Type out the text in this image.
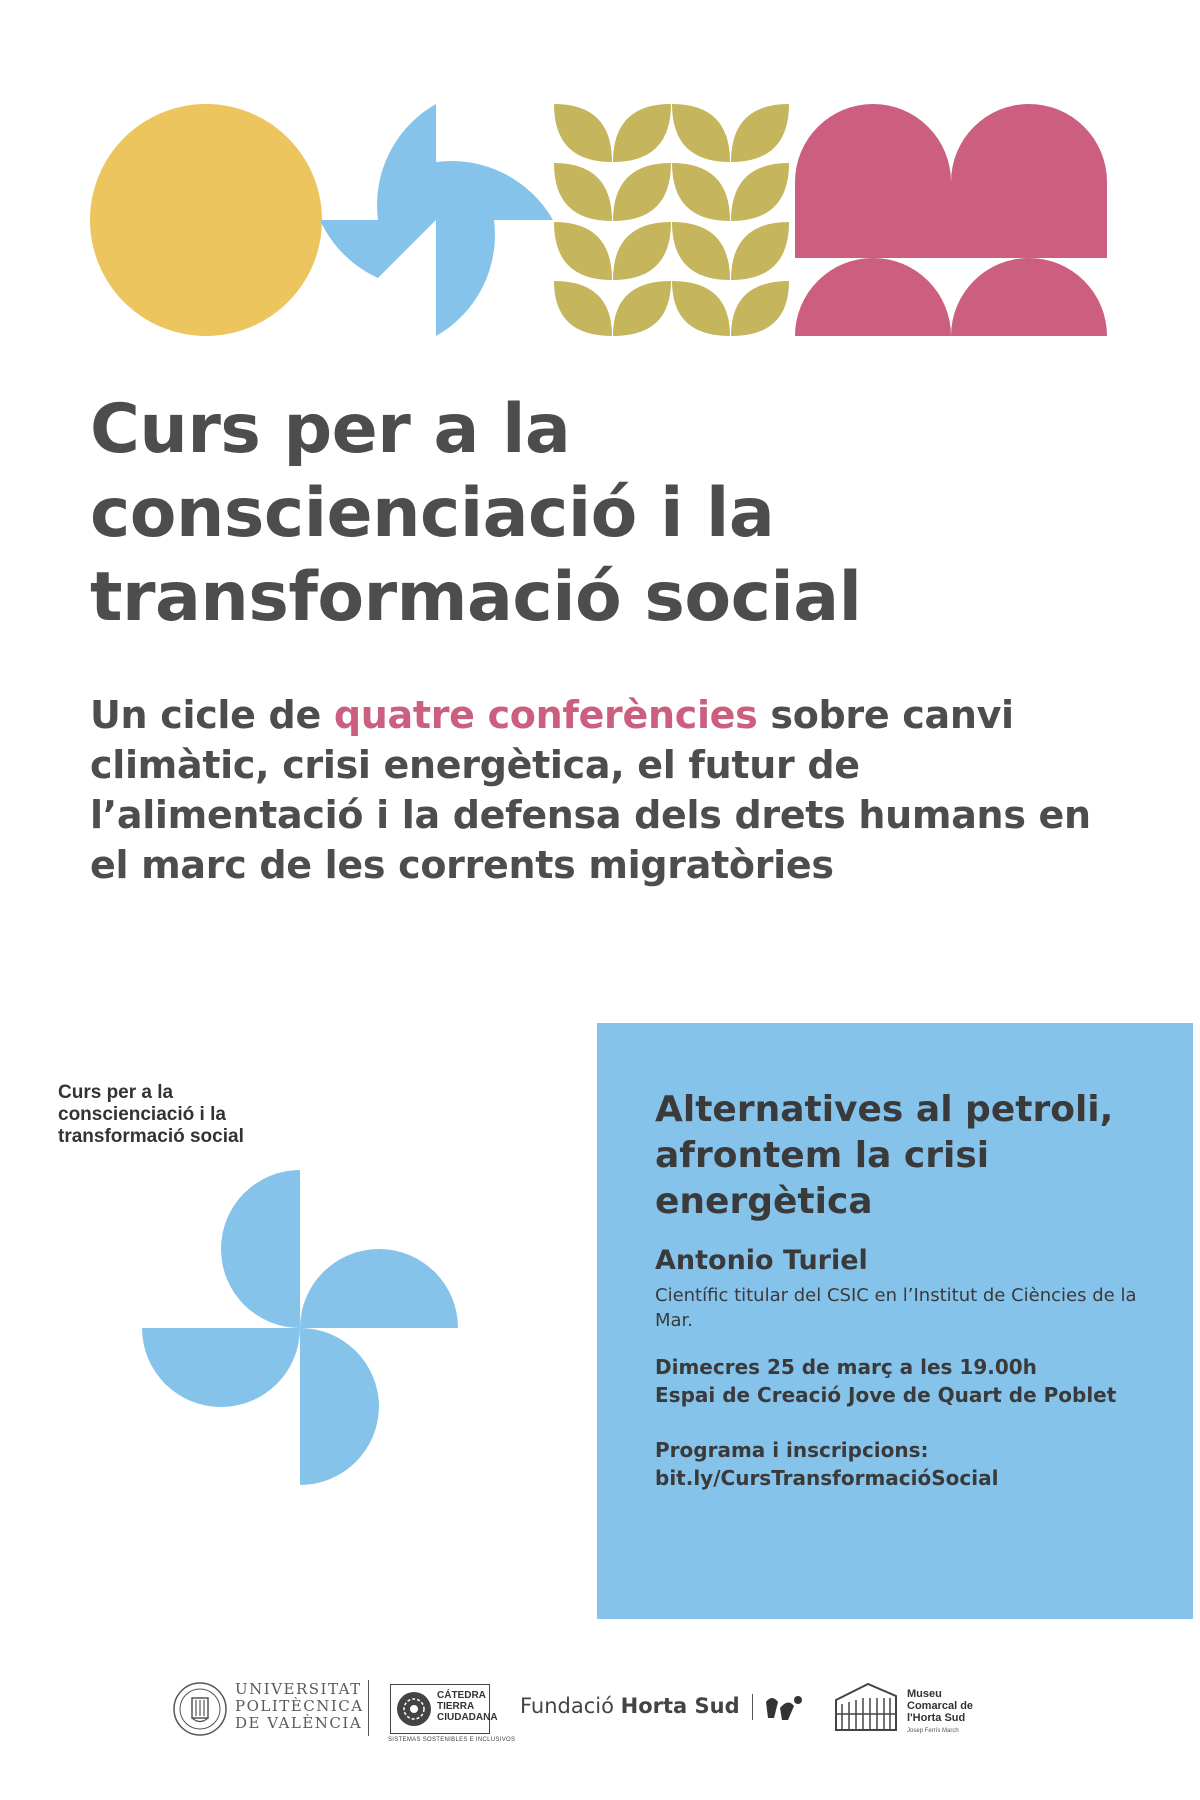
Curs per a la
conscienciació i la
transformació social
Un cicle de quatre conferències sobre canvi climàtic, crisi energètica, el futur de l’alimentació i la defensa dels drets humans en el marc de les corrents migratòries
Curs per a la
conscienciació i la
transformació social
Alternatives al petroli,
afrontem la crisi
energètica
Antonio Turiel
Científic titular del CSIC en l’Institut de Ciències de la Mar.
Dimecres 25 de març a les 19.00h
Espai de Creació Jove de Quart de Poblet
Programa i inscripcions:
bit.ly/CursTransformacióSocial
UNIVERSITAT
POLITÈCNICA
DE VALÈNCIA
CÁTEDRA
TIERRA
CIUDADANA
SISTEMAS SOSTENIBLES E INCLUSIVOS
Fundació Horta Sud	Museu
Comarcal de
l'Horta Sud
Josep Ferrís March
